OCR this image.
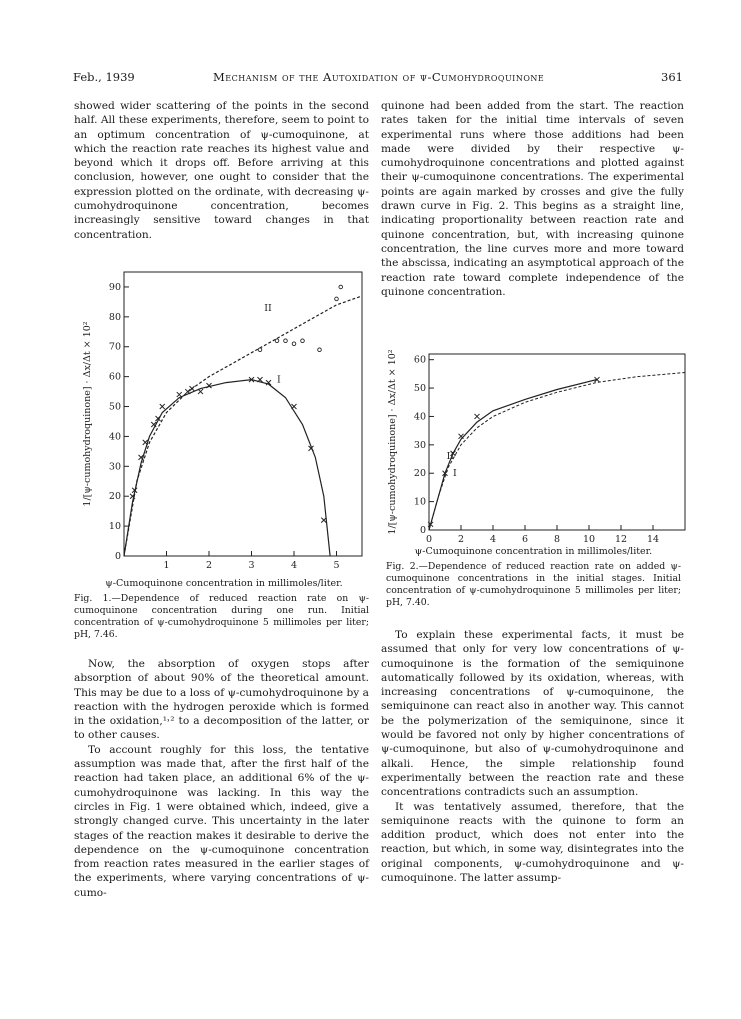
Feb., 1939	Mechanism of the Autoxidation of ψ-Cumohydroquinone	361

showed wider scattering of the points in the second half. All these experiments, therefore, seem to point to an optimum concentration of ψ-cumoquinone, at which the reaction rate reaches its highest value and beyond which it drops off. Before arriving at this conclusion, however, one ought to consider that the expression plotted on the ordinate, with decreasing ψ-cumohydroquinone concentration, becomes increasingly sensitive toward changes in that concentration.

0
10
20
30
40
50
60
70
80
90
1	2	3	4	5
1/[ψ-cumohydroquinone] · Δx/Δt × 10²	I
II
ψ-Cumoquinone concentration in millimoles/liter.
Fig. 1.—Dependence of reduced reaction rate on ψ-cumoquinone concentration during one run. Initial concentration of ψ-cumohydroquinone 5 millimoles per liter; pH, 7.46.

Now, the absorption of oxygen stops after absorption of about 90% of the theoretical amount. This may be due to a loss of ψ-cumohydroquinone by a reaction with the hydrogen peroxide which is formed in the oxidation,¹˒² to a decomposition of the latter, or to other causes.

To account roughly for this loss, the tentative assumption was made that, after the first half of the reaction had taken place, an additional 6% of the ψ-cumohydroquinone was lacking. In this way the circles in Fig. 1 were obtained which, indeed, give a strongly changed curve. This uncertainty in the later stages of the reaction makes it desirable to derive the dependence on the ψ-cumoquinone concentration from reaction rates measured in the earlier stages of the experiments, where varying concentrations of ψ-cumo-

quinone had been added from the start. The reaction rates taken for the initial time intervals of seven experimental runs where those additions had been made were divided by their respective ψ-cumohydroquinone concentrations and plotted against their ψ-cumoquinone concentrations. The experimental points are again marked by crosses and give the fully drawn curve in Fig. 2. This begins as a straight line, indicating proportionality between reaction rate and quinone concentration, but, with increasing quinone concentration, the line curves more and more toward the abscissa, indicating an asymptotical approach of the reaction rate toward complete independence of the quinone concentration.

0
10
20
30
40
50
60
0	2	4	6	8 10 12 14
1/[ψ-cumohydroquinone] · Δx/Δt × 10²	I
II
ψ-Cumoquinone concentration in millimoles/liter.
Fig. 2.—Dependence of reduced reaction rate on added ψ-cumoquinone concentrations in the initial stages. Initial concentration of ψ-cumohydroquinone 5 millimoles per liter; pH, 7.40.

To explain these experimental facts, it must be assumed that only for very low concentrations of ψ-cumoquinone is the formation of the semiquinone automatically followed by its oxidation, whereas, with increasing concentrations of ψ-cumoquinone, the semiquinone can react also in another way. This cannot be the polymerization of the semiquinone, since it would be favored not only by higher concentrations of ψ-cumoquinone, but also of ψ-cumohydroquinone and alkali. Hence, the simple relationship found experimentally between the reaction rate and these concentrations contradicts such an assumption.

It was tentatively assumed, therefore, that the semiquinone reacts with the quinone to form an addition product, which does not enter into the reaction, but which, in some way, disintegrates into the original components, ψ-cumohydroquinone and ψ-cumoquinone. The latter assump-
